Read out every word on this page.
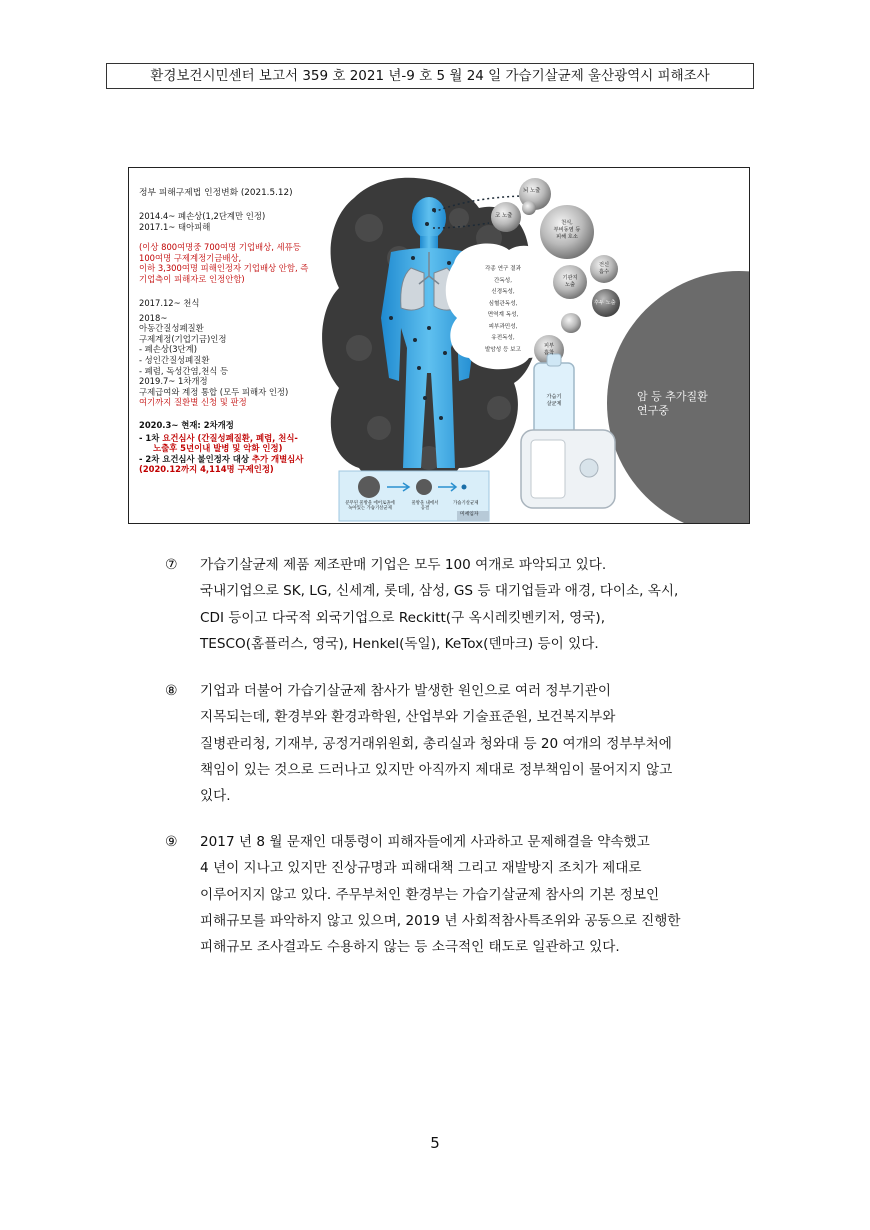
환경보건시민센터 보고서 359 호 2021 년-9 호 5 월 24 일 가습기살균제 울산광역시 피해조사
정부 피해구제법 인정변화 (2021.5.12)
2014.4~ 폐손상(1,2단계만 인정)
2017.1~ 태아피해
(이상 800여명중 700여명 기업배상, 세퓨등
100여명 구제계정기금배상,
이하 3,300여명 피해인정자 기업배상 안함, 즉
기업측이 피해자로 인정안함)
2017.12~ 천식
2018~
아동간질성폐질환
구제계정(기업기금)인정
- 폐손상(3단계)
- 성인간질성폐질환
- 폐렴, 독성간염,천식 등
2019.7~ 1차개정
구제급여와 계정 통합 (모두 피해자 인정)
여기까지 질환별 신청 및 판정
2020.3~ 현재: 2차개정
- 1차 요건심사 (간질성폐질환, 폐렴, 천식-
노출후 5년이내 발병 및 악화 인정)
- 2차 요건심사 불인정자 대상 추가 개별심사
(2020.12까지 4,114명 구제인정)
뇌 노출
코 노출
천식,
부비동염 등
피해 호소
전신
흡수
기관지
노출
후두 노출
피부
흡착
각종 연구 결과
간독성,
신경독성,
심혈관독성,
면역계 독성,
피부과민성,
유전독성,
발암성 등 보고
가습기
살균제
암 등 추가질환
연구중
분무된 물방울 에어로졸에
녹아있는 가습기살균제
물방울 내에서
응결
가습기살균제
미세입자
⑦ 가습기살균제 제품 제조판매 기업은 모두 100 여개로 파악되고 있다.
국내기업으로 SK, LG, 신세계, 롯데, 삼성, GS 등 대기업들과 애경, 다이소, 옥시,
CDI 등이고 다국적 외국기업으로 Reckitt(구 옥시레킷벤키저, 영국),
TESCO(홈플러스, 영국), Henkel(독일), KeTox(덴마크) 등이 있다.
⑧ 기업과 더불어 가습기살균제 참사가 발생한 원인으로 여러 정부기관이
지목되는데, 환경부와 환경과학원, 산업부와 기술표준원, 보건복지부와
질병관리청, 기재부, 공정거래위원회, 총리실과 청와대 등 20 여개의 정부부처에
책임이 있는 것으로 드러나고 있지만 아직까지 제대로 정부책임이 물어지지 않고
있다.
⑨ 2017 년 8 월 문재인 대통령이 피해자들에게 사과하고 문제해결을 약속했고
4 년이 지나고 있지만 진상규명과 피해대책 그리고 재발방지 조치가 제대로
이루어지지 않고 있다. 주무부처인 환경부는 가습기살균제 참사의 기본 정보인
피해규모를 파악하지 않고 있으며, 2019 년 사회적참사특조위와 공동으로 진행한
피해규모 조사결과도 수용하지 않는 등 소극적인 태도로 일관하고 있다.
5
